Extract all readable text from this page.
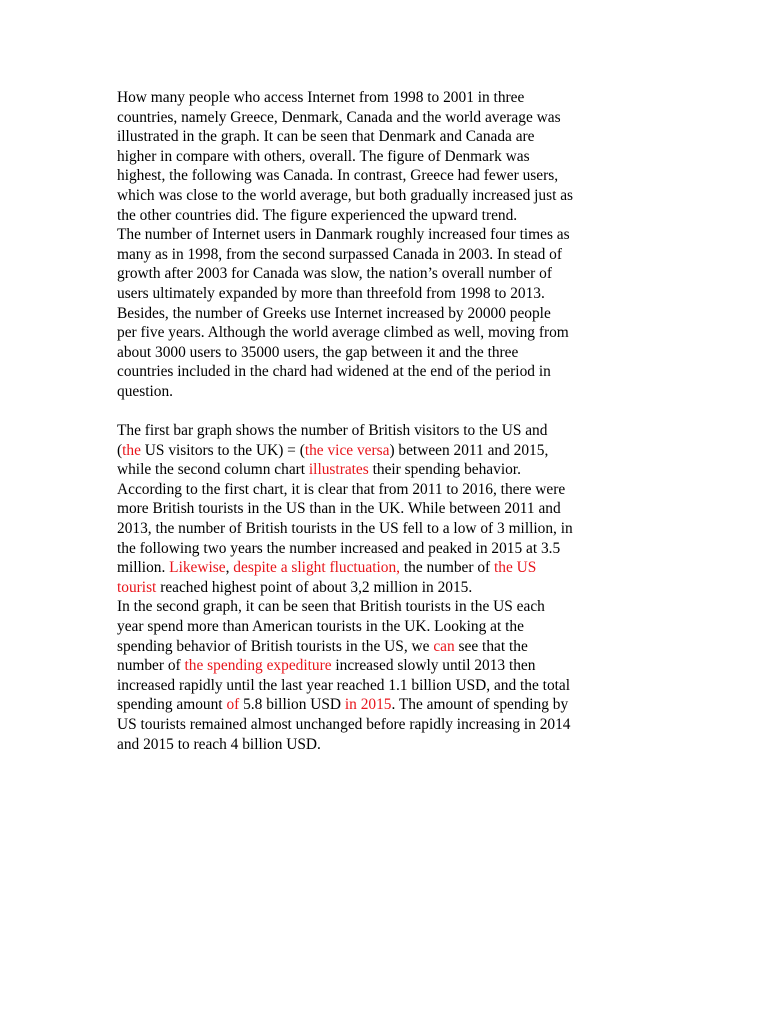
How many people who access Internet from 1998 to 2001 in three
countries, namely Greece, Denmark, Canada and the world average was
illustrated in the graph. It can be seen that Denmark and Canada are
higher in compare with others, overall. The figure of Denmark was
highest, the following was Canada. In contrast, Greece had fewer users,
which was close to the world average, but both gradually increased just as
the other countries did. The figure experienced the upward trend.
The number of Internet users in Danmark roughly increased four times as
many as in 1998, from the second surpassed Canada in 2003. In stead of
growth after 2003 for Canada was slow, the nation’s overall number of
users ultimately expanded by more than threefold from 1998 to 2013.
Besides, the number of Greeks use Internet increased by 20000 people
per five years. Although the world average climbed as well, moving from
about 3000 users to 35000 users, the gap between it and the three
countries included in the chard had widened at the end of the period in
question.
The first bar graph shows the number of British visitors to the US and
(the US visitors to the UK) = (the vice versa) between 2011 and 2015,
while the second column chart illustrates their spending behavior.
According to the first chart, it is clear that from 2011 to 2016, there were
more British tourists in the US than in the UK. While between 2011 and
2013, the number of British tourists in the US fell to a low of 3 million, in
the following two years the number increased and peaked in 2015 at 3.5
million. Likewise, despite a slight fluctuation, the number of the US
tourist reached highest point of about 3,2 million in 2015.
In the second graph, it can be seen that British tourists in the US each
year spend more than American tourists in the UK. Looking at the
spending behavior of British tourists in the US, we can see that the
number of the spending expediture increased slowly until 2013 then
increased rapidly until the last year reached 1.1 billion USD, and the total
spending amount of 5.8 billion USD in 2015. The amount of spending by
US tourists remained almost unchanged before rapidly increasing in 2014
and 2015 to reach 4 billion USD.
